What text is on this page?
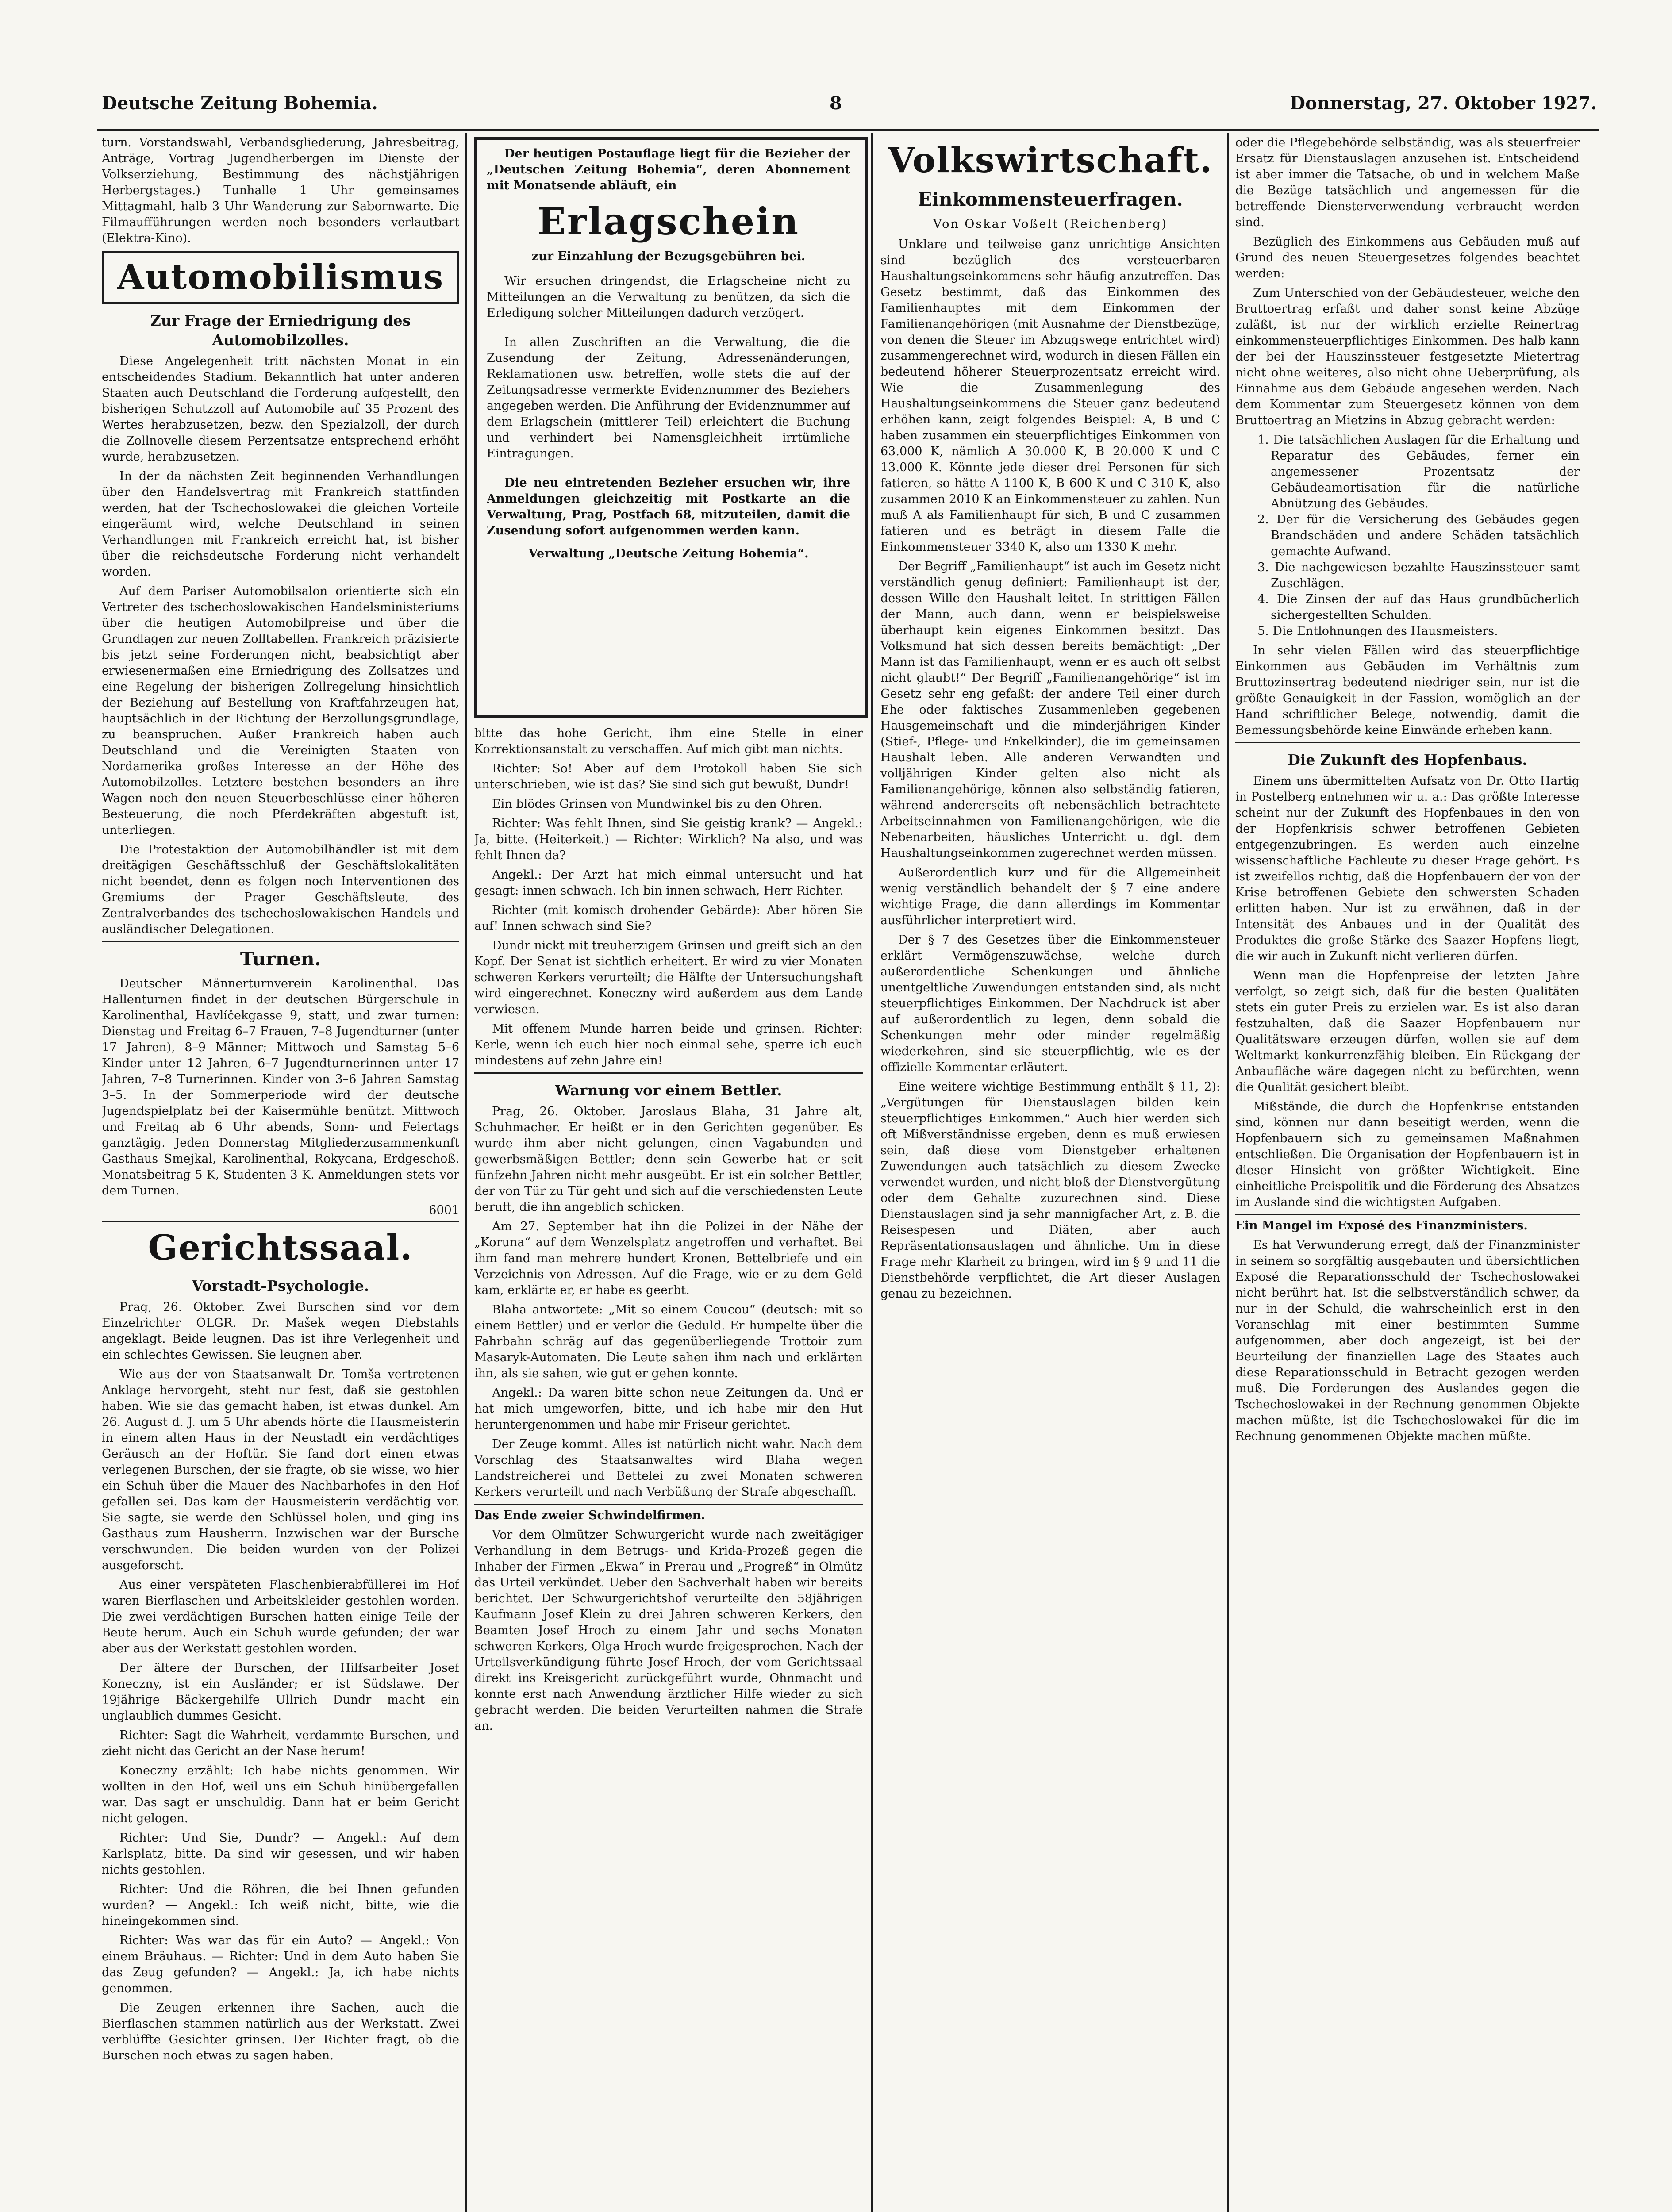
Deutsche Zeitung Bohemia.	8	Donnerstag, 27. Oktober 1927.

turn. Vorstandswahl, Verbandsgliederung, Jahresbeitrag, Anträge, Vortrag Jugendherbergen im Dienste der Volkserziehung, Bestimmung des nächstjährigen Herbergstages.) Tunhalle 1 Uhr gemeinsames Mittagmahl, halb 3 Uhr Wanderung zur Sabornwarte. Die Filmaufführungen werden noch besonders verlautbart (Elektra-Kino).

Automobilismus
Zur Frage der Erniedrigung des Automobilzolles.

Diese Angelegenheit tritt nächsten Monat in ein entscheidendes Stadium. Bekanntlich hat unter anderen Staaten auch Deutschland die Forderung aufgestellt, den bisherigen Schutzzoll auf Automobile auf 35 Prozent des Wertes herabzusetzen, bezw. den Spezialzoll, der durch die Zollnovelle diesem Perzentsatze entsprechend erhöht wurde, herabzusetzen.

In der da nächsten Zeit beginnenden Verhandlungen über den Handelsvertrag mit Frankreich stattfinden werden, hat der Tschechoslowakei die gleichen Vorteile eingeräumt wird, welche Deutschland in seinen Verhandlungen mit Frankreich erreicht hat, ist bisher über die reichsdeutsche Forderung nicht verhandelt worden.

Auf dem Pariser Automobilsalon orientierte sich ein Vertreter des tschechoslowakischen Handelsministeriums über die heutigen Automobilpreise und über die Grundlagen zur neuen Zolltabellen. Frankreich präzisierte bis jetzt seine Forderungen nicht, beabsichtigt aber erwiesenermaßen eine Erniedrigung des Zollsatzes und eine Regelung der bisherigen Zollregelung hinsichtlich der Beziehung auf Bestellung von Kraftfahrzeugen hat, hauptsächlich in der Richtung der Berzollungsgrundlage, zu beanspruchen. Außer Frankreich haben auch Deutschland und die Vereinigten Staaten von Nordamerika großes Interesse an der Höhe des Automobilzolles. Letztere bestehen besonders an ihre Wagen noch den neuen Steuerbeschlüsse einer höheren Besteuerung, die noch Pferdekräften abgestuft ist, unterliegen.

Die Protestaktion der Automobilhändler ist mit dem dreitägigen Geschäftsschluß der Geschäftslokalitäten nicht beendet, denn es folgen noch Interventionen des Gremiums der Prager Geschäftsleute, des Zentralverbandes des tschechoslowakischen Handels und ausländischer Delegationen.

Turnen.

Deutscher Männerturnverein Karolinenthal. Das Hallenturnen findet in der deutschen Bürgerschule in Karolinenthal, Havlíčekgasse 9, statt, und zwar turnen: Dienstag und Freitag 6–7 Frauen, 7–8 Jugendturner (unter 17 Jahren), 8–9 Männer; Mittwoch und Samstag 5–6 Kinder unter 12 Jahren, 6–7 Jugendturnerinnen unter 17 Jahren, 7–8 Turnerinnen. Kinder von 3–6 Jahren Samstag 3–5. In der Sommerperiode wird der deutsche Jugendspielplatz bei der Kaisermühle benützt. Mittwoch und Freitag ab 6 Uhr abends, Sonn- und Feiertags ganztägig. Jeden Donnerstag Mitgliederzusammenkunft Gasthaus Smejkal, Karolinenthal, Rokycana, Erdgeschoß. Monatsbeitrag 5 K, Studenten 3 K. Anmeldungen stets vor dem Turnen.

6001
Gerichtssaal.
Vorstadt-Psychologie.

Prag, 26. Oktober. Zwei Burschen sind vor dem Einzelrichter OLGR. Dr. Mašek wegen Diebstahls angeklagt. Beide leugnen. Das ist ihre Verlegenheit und ein schlechtes Gewissen. Sie leugnen aber.

Wie aus der von Staatsanwalt Dr. Tomša vertretenen Anklage hervorgeht, steht nur fest, daß sie gestohlen haben. Wie sie das gemacht haben, ist etwas dunkel. Am 26. August d. J. um 5 Uhr abends hörte die Hausmeisterin in einem alten Haus in der Neustadt ein verdächtiges Geräusch an der Hoftür. Sie fand dort einen etwas verlegenen Burschen, der sie fragte, ob sie wisse, wo hier ein Schuh über die Mauer des Nachbarhofes in den Hof gefallen sei. Das kam der Hausmeisterin verdächtig vor. Sie sagte, sie werde den Schlüssel holen, und ging ins Gasthaus zum Hausherrn. Inzwischen war der Bursche verschwunden. Die beiden wurden von der Polizei ausgeforscht.

Aus einer verspäteten Flaschenbierabfüllerei im Hof waren Bierflaschen und Arbeitskleider gestohlen worden. Die zwei verdächtigen Burschen hatten einige Teile der Beute herum. Auch ein Schuh wurde gefunden; der war aber aus der Werkstatt gestohlen worden.

Der ältere der Burschen, der Hilfsarbeiter Josef Koneczny, ist ein Ausländer; er ist Südslawe. Der 19jährige Bäckergehilfe Ullrich Dundr macht ein unglaublich dummes Gesicht.

Richter: Sagt die Wahrheit, verdammte Burschen, und zieht nicht das Gericht an der Nase herum!

Koneczny erzählt: Ich habe nichts genommen. Wir wollten in den Hof, weil uns ein Schuh hinübergefallen war. Das sagt er unschuldig. Dann hat er beim Gericht nicht gelogen.

Richter: Und Sie, Dundr? — Angekl.: Auf dem Karlsplatz, bitte. Da sind wir gesessen, und wir haben nichts gestohlen.

Richter: Und die Röhren, die bei Ihnen gefunden wurden? — Angekl.: Ich weiß nicht, bitte, wie die hineingekommen sind.

Richter: Was war das für ein Auto? — Angekl.: Von einem Bräuhaus. — Richter: Und in dem Auto haben Sie das Zeug gefunden? — Angekl.: Ja, ich habe nichts genommen.

Die Zeugen erkennen ihre Sachen, auch die Bierflaschen stammen natürlich aus der Werkstatt. Zwei verblüffte Gesichter grinsen. Der Richter fragt, ob die Burschen noch etwas zu sagen haben.

Der heutigen Postauflage liegt für die Bezieher der „Deutschen Zeitung Bohemia“, deren Abonnement mit Monatsende abläuft, ein

Erlagschein
zur Einzahlung der Bezugsgebühren bei.

Wir ersuchen dringendst, die Erlagscheine nicht zu Mitteilungen an die Verwaltung zu benützen, da sich die Erledigung solcher Mitteilungen dadurch verzögert.

In allen Zuschriften an die Verwaltung, die die Zusendung der Zeitung, Adressenänderungen, Reklamationen usw. betreffen, wolle stets die auf der Zeitungsadresse vermerkte Evidenznummer des Beziehers angegeben werden. Die Anführung der Evidenznummer auf dem Erlagschein (mittlerer Teil) erleichtert die Buchung und verhindert bei Namensgleichheit irrtümliche Eintragungen.

Die neu eintretenden Bezieher ersuchen wir, ihre Anmeldungen gleichzeitig mit Postkarte an die Verwaltung, Prag, Postfach 68, mitzuteilen, damit die Zusendung sofort aufgenommen werden kann.

Verwaltung „Deutsche Zeitung Bohemia“.

bitte das hohe Gericht, ihm eine Stelle in einer Korrektionsanstalt zu verschaffen. Auf mich gibt man nichts.

Richter: So! Aber auf dem Protokoll haben Sie sich unterschrieben, wie ist das? Sie sind sich gut bewußt, Dundr!

Ein blödes Grinsen von Mundwinkel bis zu den Ohren.

Richter: Was fehlt Ihnen, sind Sie geistig krank? — Angekl.: Ja, bitte. (Heiterkeit.) — Richter: Wirklich? Na also, und was fehlt Ihnen da?

Angekl.: Der Arzt hat mich einmal untersucht und hat gesagt: innen schwach. Ich bin innen schwach, Herr Richter.

Richter (mit komisch drohender Gebärde): Aber hören Sie auf! Innen schwach sind Sie?

Dundr nickt mit treuherzigem Grinsen und greift sich an den Kopf. Der Senat ist sichtlich erheitert. Er wird zu vier Monaten schweren Kerkers verurteilt; die Hälfte der Untersuchungshaft wird eingerechnet. Koneczny wird außerdem aus dem Lande verwiesen.

Mit offenem Munde harren beide und grinsen. Richter: Kerle, wenn ich euch hier noch einmal sehe, sperre ich euch mindestens auf zehn Jahre ein!

Warnung vor einem Bettler.

Prag, 26. Oktober. Jaroslaus Blaha, 31 Jahre alt, Schuhmacher. Er heißt er in den Gerichten gegenüber. Es wurde ihm aber nicht gelungen, einen Vagabunden und gewerbsmäßigen Bettler; denn sein Gewerbe hat er seit fünfzehn Jahren nicht mehr ausgeübt. Er ist ein solcher Bettler, der von Tür zu Tür geht und sich auf die verschiedensten Leute beruft, die ihn angeblich schicken.

Am 27. September hat ihn die Polizei in der Nähe der „Koruna“ auf dem Wenzelsplatz angetroffen und verhaftet. Bei ihm fand man mehrere hundert Kronen, Bettelbriefe und ein Verzeichnis von Adressen. Auf die Frage, wie er zu dem Geld kam, erklärte er, er habe es geerbt.

Blaha antwortete: „Mit so einem Coucou“ (deutsch: mit so einem Bettler) und er verlor die Geduld. Er humpelte über die Fahrbahn schräg auf das gegenüberliegende Trottoir zum Masaryk-Automaten. Die Leute sahen ihm nach und erklärten ihn, als sie sahen, wie gut er gehen konnte.

Angekl.: Da waren bitte schon neue Zeitungen da. Und er hat mich umgeworfen, bitte, und ich habe mir den Hut heruntergenommen und habe mir Friseur gerichtet.

Der Zeuge kommt. Alles ist natürlich nicht wahr. Nach dem Vorschlag des Staatsanwaltes wird Blaha wegen Landstreicherei und Bettelei zu zwei Monaten schweren Kerkers verurteilt und nach Verbüßung der Strafe abgeschafft.

Das Ende zweier Schwindelfirmen.

Vor dem Olmützer Schwurgericht wurde nach zweitägiger Verhandlung in dem Betrugs- und Krida-Prozeß gegen die Inhaber der Firmen „Ekwa“ in Prerau und „Progreß“ in Olmütz das Urteil verkündet. Ueber den Sachverhalt haben wir bereits berichtet. Der Schwurgerichtshof verurteilte den 58jährigen Kaufmann Josef Klein zu drei Jahren schweren Kerkers, den Beamten Josef Hroch zu einem Jahr und sechs Monaten schweren Kerkers, Olga Hroch wurde freigesprochen. Nach der Urteilsverkündigung führte Josef Hroch, der vom Gerichtssaal direkt ins Kreisgericht zurückgeführt wurde, Ohnmacht und konnte erst nach Anwendung ärztlicher Hilfe wieder zu sich gebracht werden. Die beiden Verurteilten nahmen die Strafe an.

Volkswirtschaft.
Einkommensteuerfragen.
Von Oskar Voßelt (Reichenberg)

Unklare und teilweise ganz unrichtige Ansichten sind bezüglich des versteuerbaren Haushaltungseinkommens sehr häufig anzutreffen. Das Gesetz bestimmt, daß das Einkommen des Familienhauptes mit dem Einkommen der Familienangehörigen (mit Ausnahme der Dienstbezüge, von denen die Steuer im Abzugswege entrichtet wird) zusammengerechnet wird, wodurch in diesen Fällen ein bedeutend höherer Steuerprozentsatz erreicht wird. Wie die Zusammenlegung des Haushaltungseinkommens die Steuer ganz bedeutend erhöhen kann, zeigt folgendes Beispiel: A, B und C haben zusammen ein steuerpflichtiges Einkommen von 63.000 K, nämlich A 30.000 K, B 20.000 K und C 13.000 K. Könnte jede dieser drei Personen für sich fatieren, so hätte A 1100 K, B 600 K und C 310 K, also zusammen 2010 K an Einkommensteuer zu zahlen. Nun muß A als Familienhaupt für sich, B und C zusammen fatieren und es beträgt in diesem Falle die Einkommensteuer 3340 K, also um 1330 K mehr.

Der Begriff „Familienhaupt“ ist auch im Gesetz nicht verständlich genug definiert: Familienhaupt ist der, dessen Wille den Haushalt leitet. In strittigen Fällen der Mann, auch dann, wenn er beispielsweise überhaupt kein eigenes Einkommen besitzt. Das Volksmund hat sich dessen bereits bemächtigt: „Der Mann ist das Familienhaupt, wenn er es auch oft selbst nicht glaubt!“ Der Begriff „Familienangehörige“ ist im Gesetz sehr eng gefaßt: der andere Teil einer durch Ehe oder faktisches Zusammenleben gegebenen Hausgemeinschaft und die minderjährigen Kinder (Stief-, Pflege- und Enkelkinder), die im gemeinsamen Haushalt leben. Alle anderen Verwandten und volljährigen Kinder gelten also nicht als Familienangehörige, können also selbständig fatieren, während andererseits oft nebensächlich betrachtete Arbeitseinnahmen von Familienangehörigen, wie die Nebenarbeiten, häusliches Unterricht u. dgl. dem Haushaltungseinkommen zugerechnet werden müssen.

Außerordentlich kurz und für die Allgemeinheit wenig verständlich behandelt der § 7 eine andere wichtige Frage, die dann allerdings im Kommentar ausführlicher interpretiert wird.

Der § 7 des Gesetzes über die Einkommensteuer erklärt Vermögenszuwächse, welche durch außerordentliche Schenkungen und ähnliche unentgeltliche Zuwendungen entstanden sind, als nicht steuerpflichtiges Einkommen. Der Nachdruck ist aber auf außerordentlich zu legen, denn sobald die Schenkungen mehr oder minder regelmäßig wiederkehren, sind sie steuerpflichtig, wie es der offizielle Kommentar erläutert.

Eine weitere wichtige Bestimmung enthält § 11, 2): „Vergütungen für Dienstauslagen bilden kein steuerpflichtiges Einkommen.“ Auch hier werden sich oft Mißverständnisse ergeben, denn es muß erwiesen sein, daß diese vom Dienstgeber erhaltenen Zuwendungen auch tatsächlich zu diesem Zwecke verwendet wurden, und nicht bloß der Dienstvergütung oder dem Gehalte zuzurechnen sind. Diese Dienstauslagen sind ja sehr mannigfacher Art, z. B. die Reisespesen und Diäten, aber auch Repräsentationsauslagen und ähnliche. Um in diese Frage mehr Klarheit zu bringen, wird im § 9 und 11 die Dienstbehörde verpflichtet, die Art dieser Auslagen genau zu bezeichnen.

oder die Pflegebehörde selbständig, was als steuerfreier Ersatz für Dienstauslagen anzusehen ist. Entscheidend ist aber immer die Tatsache, ob und in welchem Maße die Bezüge tatsächlich und angemessen für die betreffende Diensterverwendung verbraucht werden sind.

Bezüglich des Einkommens aus Gebäuden muß auf Grund des neuen Steuergesetzes folgendes beachtet werden:

Zum Unterschied von der Gebäudesteuer, welche den Bruttoertrag erfaßt und daher sonst keine Abzüge zuläßt, ist nur der wirklich erzielte Reinertrag einkommensteuerpflichtiges Einkommen. Des halb kann der bei der Hauszinssteuer festgesetzte Mietertrag nicht ohne weiteres, also nicht ohne Ueberprüfung, als Einnahme aus dem Gebäude angesehen werden. Nach dem Kommentar zum Steuergesetz können von dem Bruttoertrag an Mietzins in Abzug gebracht werden:

1. Die tatsächlichen Auslagen für die Erhaltung und Reparatur des Gebäudes, ferner ein angemessener Prozentsatz der Gebäudeamortisation für die natürliche Abnützung des Gebäudes.
2. Der für die Versicherung des Gebäudes gegen Brandschäden und andere Schäden tatsächlich gemachte Aufwand.
3. Die nachgewiesen bezahlte Hauszinssteuer samt Zuschlägen.
4. Die Zinsen der auf das Haus grundbücherlich sichergestellten Schulden.
5. Die Entlohnungen des Hausmeisters.

In sehr vielen Fällen wird das steuerpflichtige Einkommen aus Gebäuden im Verhältnis zum Bruttozinsertrag bedeutend niedriger sein, nur ist die größte Genauigkeit in der Fassion, womöglich an der Hand schriftlicher Belege, notwendig, damit die Bemessungsbehörde keine Einwände erheben kann.

Die Zukunft des Hopfenbaus.

Einem uns übermittelten Aufsatz von Dr. Otto Hartig in Postelberg entnehmen wir u. a.: Das größte Interesse scheint nur der Zukunft des Hopfenbaues in den von der Hopfenkrisis schwer betroffenen Gebieten entgegenzubringen. Es werden auch einzelne wissenschaftliche Fachleute zu dieser Frage gehört. Es ist zweifellos richtig, daß die Hopfenbauern der von der Krise betroffenen Gebiete den schwersten Schaden erlitten haben. Nur ist zu erwähnen, daß in der Intensität des Anbaues und in der Qualität des Produktes die große Stärke des Saazer Hopfens liegt, die wir auch in Zukunft nicht verlieren dürfen.

Wenn man die Hopfenpreise der letzten Jahre verfolgt, so zeigt sich, daß für die besten Qualitäten stets ein guter Preis zu erzielen war. Es ist also daran festzuhalten, daß die Saazer Hopfenbauern nur Qualitätsware erzeugen dürfen, wollen sie auf dem Weltmarkt konkurrenzfähig bleiben. Ein Rückgang der Anbaufläche wäre dagegen nicht zu befürchten, wenn die Qualität gesichert bleibt.

Mißstände, die durch die Hopfenkrise entstanden sind, können nur dann beseitigt werden, wenn die Hopfenbauern sich zu gemeinsamen Maßnahmen entschließen. Die Organisation der Hopfenbauern ist in dieser Hinsicht von größter Wichtigkeit. Eine einheitliche Preispolitik und die Förderung des Absatzes im Auslande sind die wichtigsten Aufgaben.

Ein Mangel im Exposé des Finanzministers.

Es hat Verwunderung erregt, daß der Finanzminister in seinem so sorgfältig ausgebauten und übersichtlichen Exposé die Reparationsschuld der Tschechoslowakei nicht berührt hat. Ist die selbstverständlich schwer, da nur in der Schuld, die wahrscheinlich erst in den Voranschlag mit einer bestimmten Summe aufgenommen, aber doch angezeigt, ist bei der Beurteilung der finanziellen Lage des Staates auch diese Reparationsschuld in Betracht gezogen werden muß. Die Forderungen des Auslandes gegen die Tschechoslowakei in der Rechnung genommen Objekte machen müßte, ist die Tschechoslowakei für die im Rechnung genommenen Objekte machen müßte.
